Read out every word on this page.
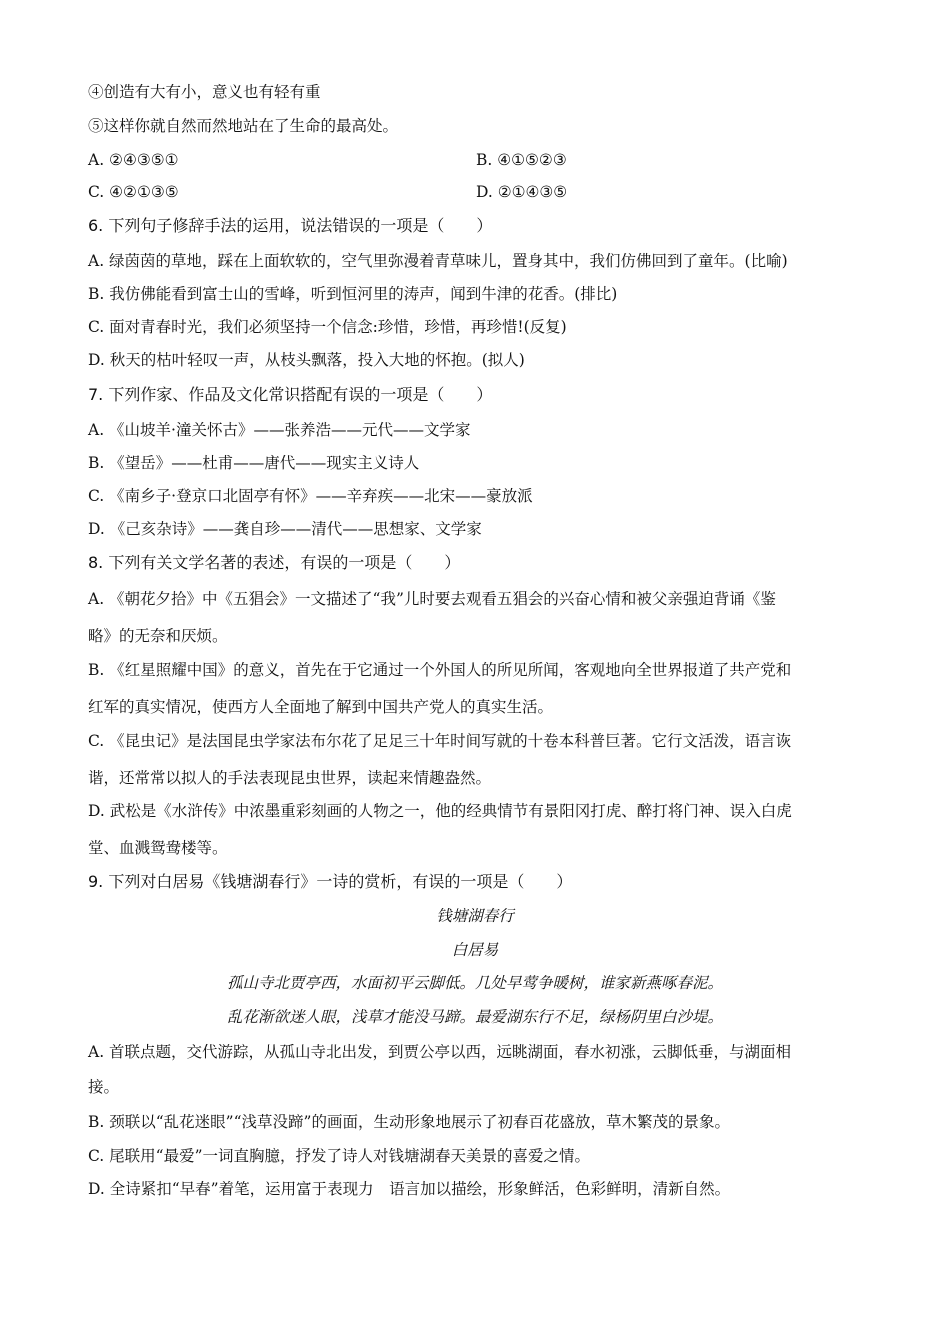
④创造有大有小，意义也有轻有重
⑤这样你就自然而然地站在了生命的最高处。
A. ②④③⑤①	B. ④①⑤②③
C. ④②①③⑤	D. ②①④③⑤
6. 下列句子修辞手法的运用，说法错误的一项是（　　）
A. 绿茵茵的草地，踩在上面软软的，空气里弥漫着青草味儿，置身其中，我们仿佛回到了童年。(比喻)
B. 我仿佛能看到富士山的雪峰，听到恒河里的涛声，闻到牛津的花香。(排比)
C. 面对青春时光，我们必须坚持一个信念:珍惜，珍惜，再珍惜!(反复)
D. 秋天的枯叶轻叹一声，从枝头飘落，投入大地的怀抱。(拟人)
7. 下列作家、作品及文化常识搭配有误的一项是（　　）
A. 《山坡羊·潼关怀古》——张养浩——元代——文学家
B. 《望岳》——杜甫——唐代——现实主义诗人
C. 《南乡子·登京口北固亭有怀》——辛弃疾——北宋——豪放派
D. 《己亥杂诗》——龚自珍——清代——思想家、文学家
8. 下列有关文学名著的表述，有误的一项是（　　）
A. 《朝花夕拾》中《五猖会》一文描述了“我”儿时要去观看五猖会的兴奋心情和被父亲强迫背诵《鉴
略》的无奈和厌烦。
B. 《红星照耀中国》的意义，首先在于它通过一个外国人的所见所闻，客观地向全世界报道了共产党和
红军的真实情况，使西方人全面地了解到中国共产党人的真实生活。
C. 《昆虫记》是法国昆虫学家法布尔花了足足三十年时间写就的十卷本科普巨著。它行文活泼，语言诙
谐，还常常以拟人的手法表现昆虫世界，读起来情趣盎然。
D. 武松是《水浒传》中浓墨重彩刻画的人物之一，他的经典情节有景阳冈打虎、醉打将门神、误入白虎
堂、血溅鸳鸯楼等。
9. 下列对白居易《钱塘湖春行》一诗的赏析，有误的一项是（　　）
钱塘湖春行
白居易
孤山寺北贾亭西，水面初平云脚低。几处早莺争暖树，谁家新燕啄春泥。
乱花渐欲迷人眼，浅草才能没马蹄。最爱湖东行不足，绿杨阴里白沙堤。
A. 首联点题，交代游踪，从孤山寺北出发，到贾公亭以西，远眺湖面，春水初涨，云脚低垂，与湖面相
接。
B. 颈联以“乱花迷眼”“浅草没蹄”的画面，生动形象地展示了初春百花盛放，草木繁茂的景象。
C. 尾联用“最爱”一词直胸臆，抒发了诗人对钱塘湖春天美景的喜爱之情。
D. 全诗紧扣“早春”着笔，运用富于表现力　语言加以描绘，形象鲜活，色彩鲜明，清新自然。
